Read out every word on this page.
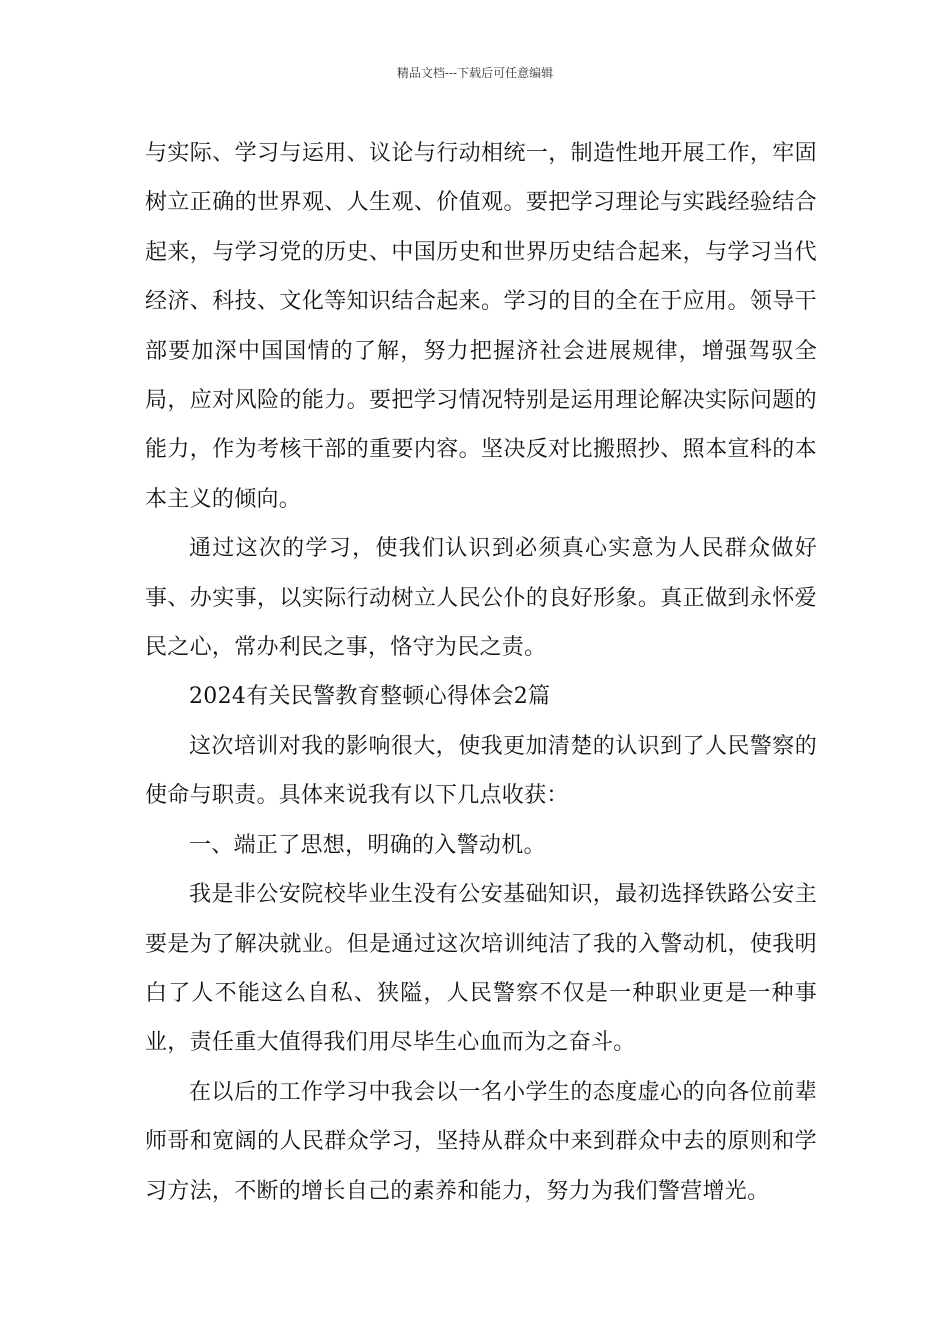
精品文档---下载后可任意编辑

与实际、学习与运用、议论与行动相统一，制造性地开展工作，牢固树立正确的世界观、人生观、价值观。要把学习理论与实践经验结合起来，与学习党的历史、中国历史和世界历史结合起来，与学习当代经济、科技、文化等知识结合起来。学习的目的全在于应用。领导干部要加深中国国情的了解，努力把握济社会进展规律，增强驾驭全局，应对风险的能力。要把学习情况特别是运用理论解决实际问题的能力，作为考核干部的重要内容。坚决反对比搬照抄、照本宣科的本本主义的倾向。

通过这次的学习，使我们认识到必须真心实意为人民群众做好事、办实事，以实际行动树立人民公仆的良好形象。真正做到永怀爱民之心，常办利民之事，恪守为民之责。

2024有关民警教育整顿心得体会2篇

这次培训对我的影响很大，使我更加清楚的认识到了人民警察的使命与职责。具体来说我有以下几点收获：

一、端正了思想，明确的入警动机。

我是非公安院校毕业生没有公安基础知识，最初选择铁路公安主要是为了解决就业。但是通过这次培训纯洁了我的入警动机，使我明白了人不能这么自私、狭隘，人民警察不仅是一种职业更是一种事业，责任重大值得我们用尽毕生心血而为之奋斗。

在以后的工作学习中我会以一名小学生的态度虚心的向各位前辈师哥和宽阔的人民群众学习，坚持从群众中来到群众中去的原则和学习方法，不断的增长自己的素养和能力，努力为我们警营增光。
